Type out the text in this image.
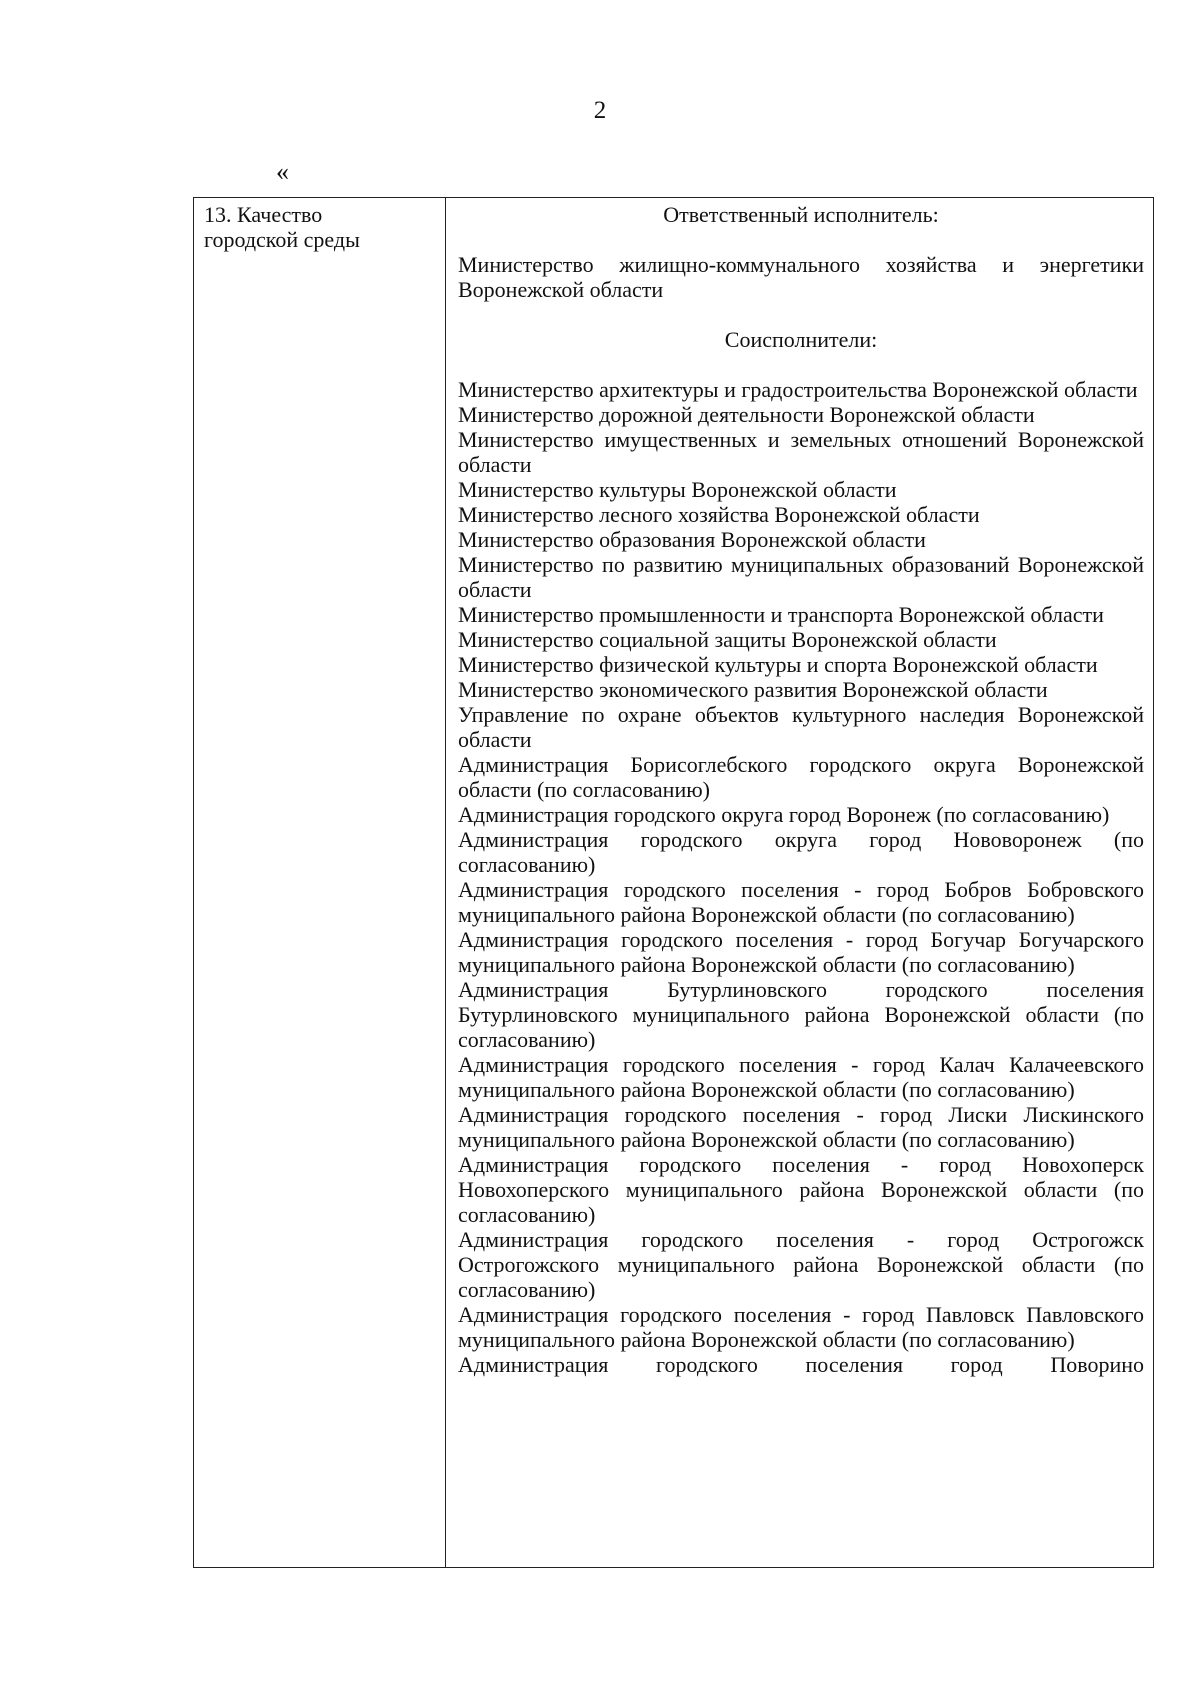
2
«
13. Качество
городской среды
Ответственный исполнитель:
Министерство жилищно-коммунального хозяйства и энергетики Воронежской области
Соисполнители:
Министерство архитектуры и градостроительства Воронежской области
Министерство дорожной деятельности Воронежской области
Министерство имущественных и земельных отношений Воронежской области
Министерство культуры Воронежской области
Министерство лесного хозяйства Воронежской области
Министерство образования Воронежской области
Министерство по развитию муниципальных образований Воронежской области
Министерство промышленности и транспорта Воронежской области
Министерство социальной защиты Воронежской области
Министерство физической культуры и спорта Воронежской области
Министерство экономического развития Воронежской области
Управление по охране объектов культурного наследия Воронежской области
Администрация Борисоглебского городского округа Воронежской области (по согласованию)
Администрация городского округа город Воронеж (по согласованию)
Администрация городского округа город Нововоронеж (по согласованию)
Администрация городского поселения - город Бобров Бобровского муниципального района Воронежской области (по согласованию)
Администрация городского поселения - город Богучар Богучарского муниципального района Воронежской области (по согласованию)
Администрация Бутурлиновского городского поселения Бутурлиновского муниципального района Воронежской области (по согласованию)
Администрация городского поселения - город Калач Калачеевского муниципального района Воронежской области (по согласованию)
Администрация городского поселения - город Лиски Лискинского муниципального района Воронежской области (по согласованию)
Администрация городского поселения - город Новохоперск Новохоперского муниципального района Воронежской области (по согласованию)
Администрация городского поселения - город Острогожск Острогожского муниципального района Воронежской области (по согласованию)
Администрация городского поселения - город Павловск Павловского муниципального района Воронежской области (по согласованию)
Администрация городского поселения город Поворино
